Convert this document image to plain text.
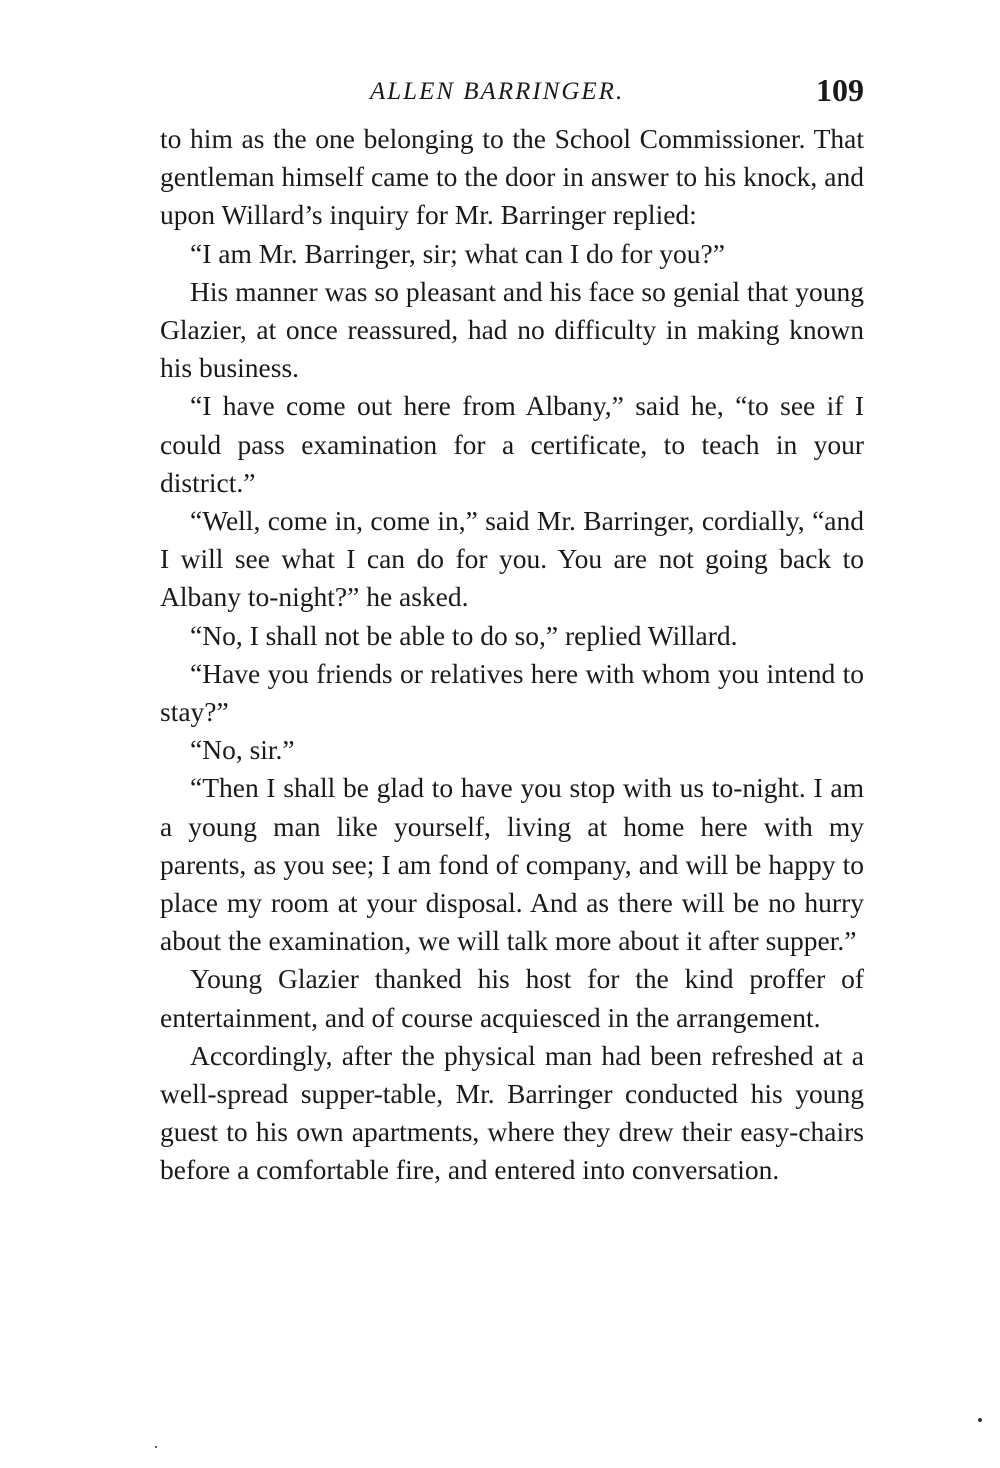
ALLEN BARRINGER.	109

to him as the one belonging to the School Commissioner. That gentleman himself came to the door in answer to his knock, and upon Willard’s inquiry for Mr. Barringer replied:

“I am Mr. Barringer, sir; what can I do for you?”

His manner was so pleasant and his face so genial that young Glazier, at once reassured, had no difficulty in making known his business.

“I have come out here from Albany,” said he, “to see if I could pass examination for a certificate, to teach in your district.”

“Well, come in, come in,” said Mr. Barringer, cordially, “and I will see what I can do for you. You are not going back to Albany to-night?” he asked.

“No, I shall not be able to do so,” replied Willard.

“Have you friends or relatives here with whom you intend to stay?”

“No, sir.”

“Then I shall be glad to have you stop with us to-night. I am a young man like yourself, living at home here with my parents, as you see; I am fond of company, and will be happy to place my room at your disposal. And as there will be no hurry about the examination, we will talk more about it after supper.”

Young Glazier thanked his host for the kind proffer of entertainment, and of course acquiesced in the arrangement.

Accordingly, after the physical man had been refreshed at a well-spread supper-table, Mr. Barringer conducted his young guest to his own apartments, where they drew their easy-chairs before a comfortable fire, and entered into conversation.
